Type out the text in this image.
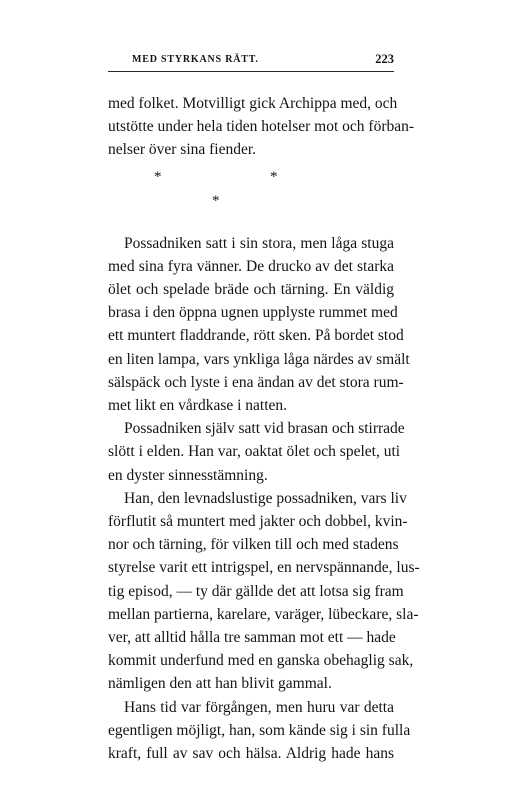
MED STYRKANS RÄTT.	223
med folket. Motvilligt gick Archippa med, och
utstötte under hela tiden hotelser mot och förban-
nelser över sina fiender.
*	*
*
Possadniken satt i sin stora, men låga stuga
med sina fyra vänner. De drucko av det starka
ölet och spelade bräde och tärning. En väldig
brasa i den öppna ugnen upplyste rummet med
ett muntert fladdrande, rött sken. På bordet stod
en liten lampa, vars ynkliga låga närdes av smält
sälspäck och lyste i ena ändan av det stora rum-
met likt en vårdkase i natten.
Possadniken själv satt vid brasan och stirrade
slött i elden. Han var, oaktat ölet och spelet, uti
en dyster sinnesstämning.
Han, den levnadslustige possadniken, vars liv
förflutit så muntert med jakter och dobbel, kvin-
nor och tärning, för vilken till och med stadens
styrelse varit ett intrigspel, en nervspännande, lus-
tig episod, — ty där gällde det att lotsa sig fram
mellan partierna, karelare, varäger, lübeckare, sla-
ver, att alltid hålla tre samman mot ett — hade
kommit underfund med en ganska obehaglig sak,
nämligen den att han blivit gammal.
Hans tid var förgången, men huru var detta
egentligen möjligt, han, som kände sig i sin fulla
kraft, full av sav och hälsa. Aldrig hade hans
